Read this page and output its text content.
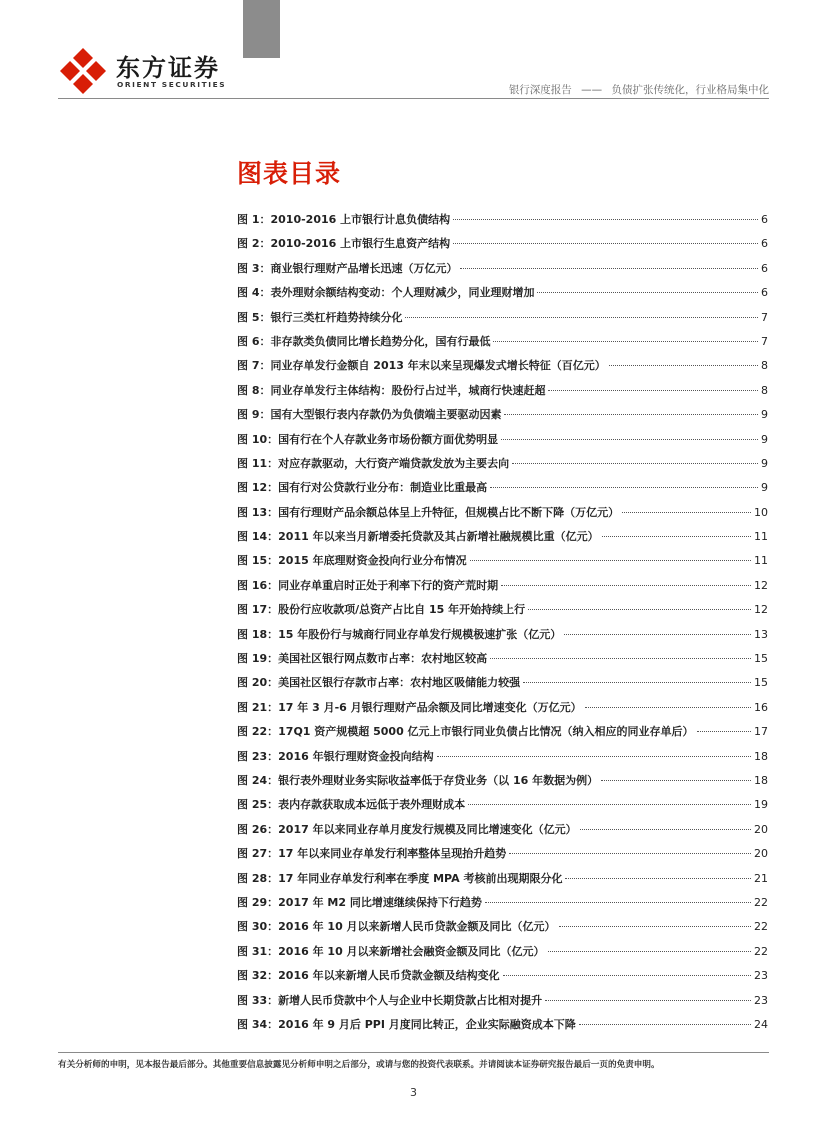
东方证券
ORIENT SECURITIES	银行深度报告 —— 负债扩张传统化，行业格局集中化
图表目录
图 1：2010-2016 上市银行计息负债结构	6
图 2：2010-2016 上市银行生息资产结构	6
图 3：商业银行理财产品增长迅速（万亿元）	6
图 4：表外理财余额结构变动：个人理财减少，同业理财增加	6
图 5：银行三类杠杆趋势持续分化	7
图 6：非存款类负债同比增长趋势分化，国有行最低	7
图 7：同业存单发行金额自 2013 年末以来呈现爆发式增长特征（百亿元）	8
图 8：同业存单发行主体结构：股份行占过半，城商行快速赶超	8
图 9：国有大型银行表内存款仍为负债端主要驱动因素	9
图 10：国有行在个人存款业务市场份额方面优势明显	9
图 11：对应存款驱动，大行资产端贷款发放为主要去向	9
图 12：国有行对公贷款行业分布：制造业比重最高	9
图 13：国有行理财产品余额总体呈上升特征，但规模占比不断下降（万亿元）	10
图 14：2011 年以来当月新增委托贷款及其占新增社融规模比重（亿元）	11
图 15：2015 年底理财资金投向行业分布情况	11
图 16：同业存单重启时正处于利率下行的资产荒时期	12
图 17：股份行应收款项/总资产占比自 15 年开始持续上行	12
图 18：15 年股份行与城商行同业存单发行规模极速扩张（亿元）	13
图 19：美国社区银行网点数市占率：农村地区较高	15
图 20：美国社区银行存款市占率：农村地区吸储能力较强	15
图 21：17 年 3 月-6 月银行理财产品余额及同比增速变化（万亿元）	16
图 22：17Q1 资产规模超 5000 亿元上市银行同业负债占比情况（纳入相应的同业存单后）	17
图 23：2016 年银行理财资金投向结构	18
图 24：银行表外理财业务实际收益率低于存贷业务（以 16 年数据为例）	18
图 25：表内存款获取成本远低于表外理财成本	19
图 26：2017 年以来同业存单月度发行规模及同比增速变化（亿元）	20
图 27：17 年以来同业存单发行利率整体呈现抬升趋势	20
图 28：17 年同业存单发行利率在季度 MPA 考核前出现期限分化	21
图 29：2017 年 M2 同比增速继续保持下行趋势	22
图 30：2016 年 10 月以来新增人民币贷款金额及同比（亿元）	22
图 31：2016 年 10 月以来新增社会融资金额及同比（亿元）	22
图 32：2016 年以来新增人民币贷款金额及结构变化	23
图 33：新增人民币贷款中个人与企业中长期贷款占比相对提升	23
图 34：2016 年 9 月后 PPI 月度同比转正，企业实际融资成本下降	24
有关分析师的申明，见本报告最后部分。其他重要信息披露见分析师申明之后部分，或请与您的投资代表联系。并请阅读本证券研究报告最后一页的免责申明。
3
